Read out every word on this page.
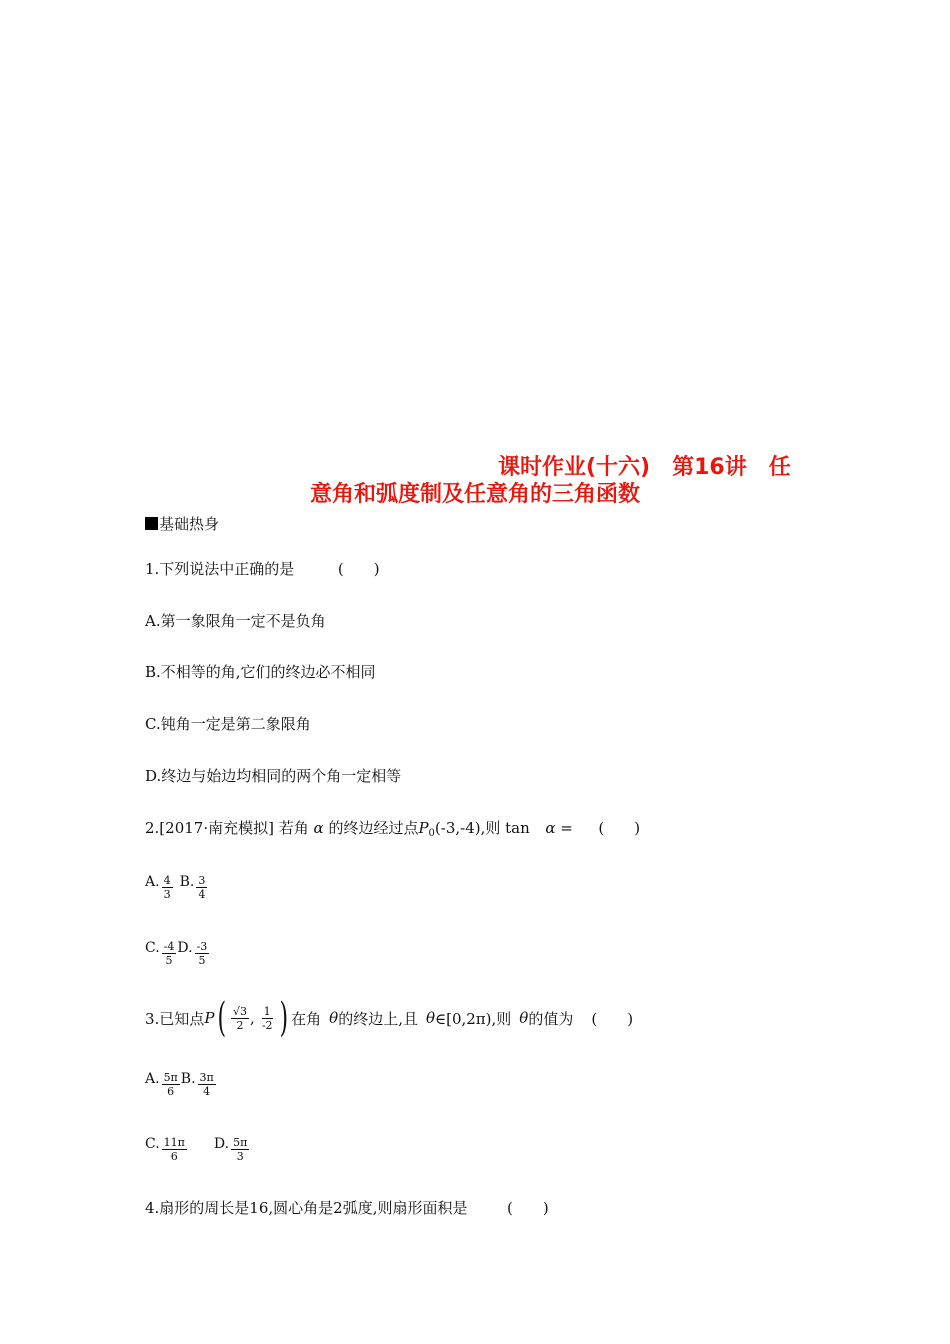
课时作业(十六)　第16讲　任
意角和弧度制及任意角的三角函数
基础热身
1.下列说法中正确的是	(　　)
A.第一象限角一定不是负角
B.不相等的角,它们的终边必不相同
C.钝角一定是第二象限角
D.终边与始边均相同的两个角一定相等
2.[2017·南充模拟] 若角 α 的终边经过点$P_0(-3,-4)$,则 tan α = (　　)
A. $\frac{4}{3} B$. $\frac{3}{4}$
C. $\frac{-4}{5} D$. $\frac{-3}{5}$
3.已知点 P ( $\frac{√3}{2}$ , $\frac{1}{-2}$ ) 在角 θ 的终边上,且 θ ∈[0,2π),则 θ 的值为 (　　)
A. $\frac{5\pi}{6} B$. $\frac{3\pi}{4}$
C. $\frac{11\pi}{6} D$. $\frac{5\pi}{3}$
4.扇形的周长是16,圆心角是2弧度,则扇形面积是	(　　)
